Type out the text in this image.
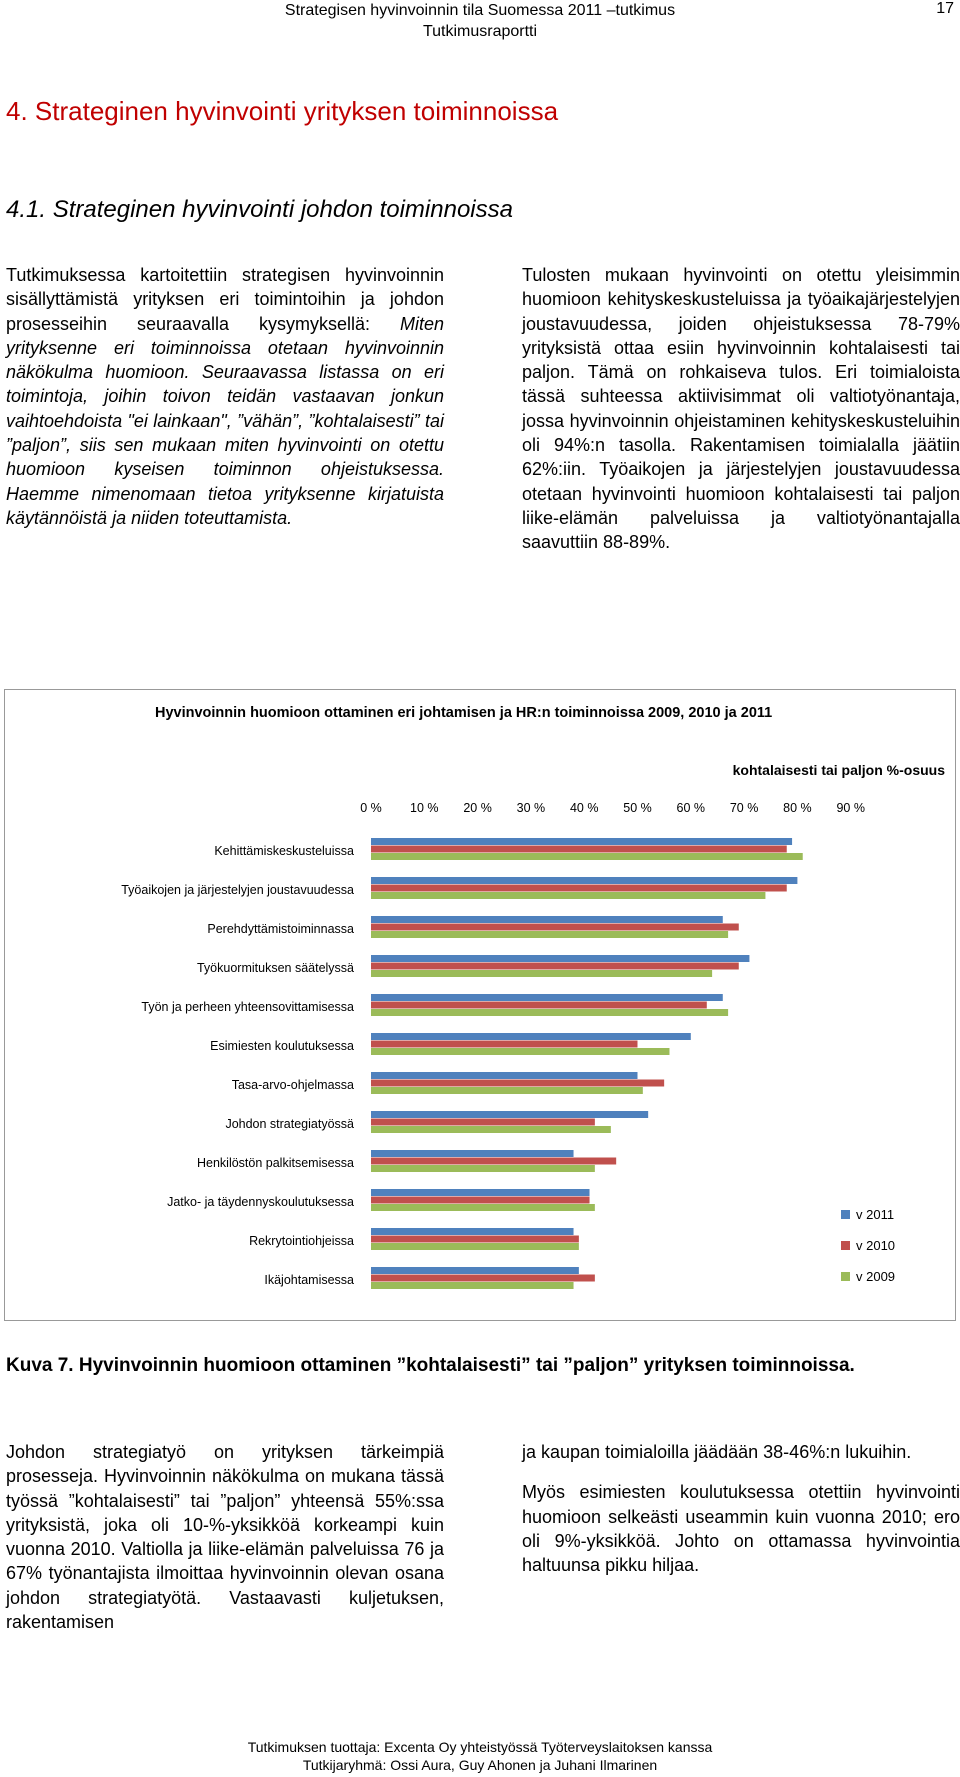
Strategisen hyvinvoinnin tila Suomessa 2011 –tutkimus
Tutkimusraportti
17
4. Strateginen hyvinvointi yrityksen toiminnoissa
4.1. Strateginen hyvinvointi johdon toiminnoissa

Tutkimuksessa kartoitettiin strategisen hyvinvoinnin sisällyttämistä yrityksen eri toimintoihin ja johdon prosesseihin seuraavalla kysymyksellä: Miten yrityksenne eri toiminnoissa otetaan hyvinvoinnin näkökulma huomioon. Seuraavassa listassa on eri toimintoja, joihin toivon teidän vastaavan jonkun vaihtoehdoista "ei lainkaan", ”vähän”, ”kohtalaisesti” tai ”paljon”, siis sen mukaan miten hyvinvointi on otettu huomioon kyseisen toiminnon ohjeistuksessa. Haemme nimenomaan tietoa yrityksenne kirjatuista käytännöistä ja niiden toteuttamista.

Tulosten mukaan hyvinvointi on otettu yleisimmin huomioon kehityskeskusteluissa ja työaikajärjestelyjen joustavuudessa, joiden ohjeistuksessa 78-79% yrityksistä ottaa esiin hyvinvoinnin kohtalaisesti tai paljon. Tämä on rohkaiseva tulos. Eri toimialoista tässä suhteessa aktiivisimmat oli valtiotyönantaja, jossa hyvinvoinnin ohjeistaminen kehityskeskusteluihin oli 94%:n tasolla. Rakentamisen toimialalla jäätiin 62%:iin. Työaikojen ja järjestelyjen joustavuudessa otetaan hyvinvointi huomioon kohtalaisesti tai paljon liike-elämän palveluissa ja valtiotyönantajalla saavuttiin 88-89%.

Hyvinvoinnin huomioon ottaminen eri johtamisen ja HR:n toiminnoissa 2009, 2010 ja 2011
kohtalaisesti tai paljon %-osuus
0 % 10 % 20 % 30 % 40 % 50 % 60 % 70 % 80 % 90 %
Kehittämiskeskusteluissa
Työaikojen ja järjestelyjen joustavuudessa
Perehdyttämistoiminnassa
Työkuormituksen säätelyssä
Työn ja perheen yhteensovittamisessa
Esimiesten koulutuksessa
Tasa-arvo-ohjelmassa
Johdon strategiatyössä
Henkilöstön palkitsemisessa
Jatko- ja täydennyskoulutuksessa
Rekrytointiohjeissa
Ikäjohtamisessa
v 2011
v 2010
v 2009
Kuva 7. Hyvinvoinnin huomioon ottaminen ”kohtalaisesti” tai ”paljon” yrityksen toiminnoissa.

Johdon strategiatyö on yrityksen tärkeimpiä prosesseja. Hyvinvoinnin näkökulma on mukana tässä työssä ”kohtalaisesti” tai ”paljon” yhteensä 55%:ssa yrityksistä, joka oli 10-%-yksikköä korkeampi kuin vuonna 2010. Valtiolla ja liike-elämän palveluissa 76 ja 67% työnantajista ilmoittaa hyvinvoinnin olevan osana johdon strategiatyötä. Vastaavasti kuljetuksen, rakentamisen

ja kaupan toimialoilla jäädään 38-46%:n lukuihin.

Myös esimiesten koulutuksessa otettiin hyvinvointi huomioon selkeästi useammin kuin vuonna 2010; ero oli 9%-yksikköä. Johto on ottamassa hyvinvointia haltuunsa pikku hiljaa.

Tutkimuksen tuottaja: Excenta Oy yhteistyössä Työterveyslaitoksen kanssa
Tutkijaryhmä: Ossi Aura, Guy Ahonen ja Juhani Ilmarinen
